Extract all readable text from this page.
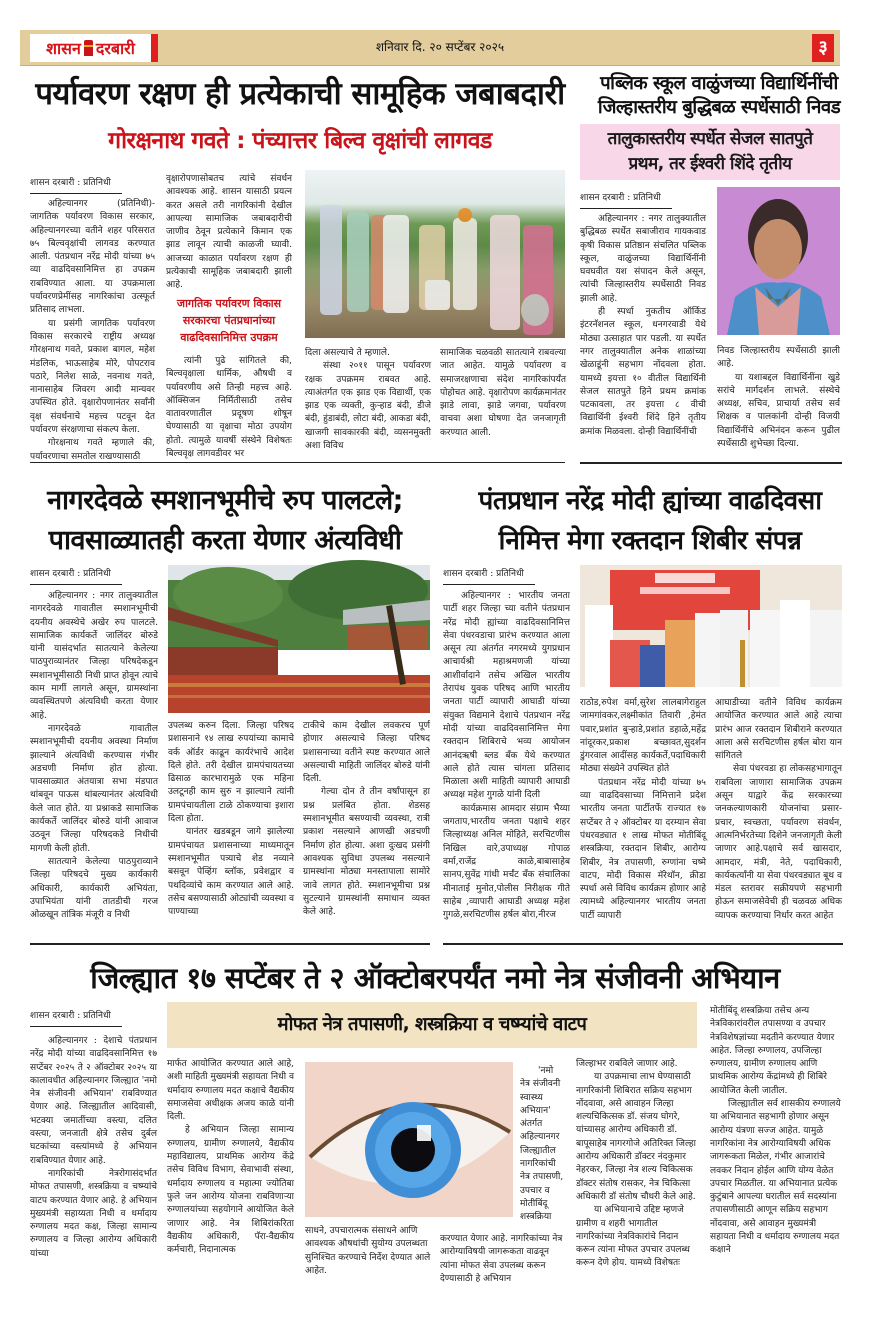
शासन दरबारी	शनिवार दि. २० सप्टेंबर २०२५	३
पर्यावरण रक्षण ही प्रत्येकाची सामूहिक जबाबदारी
गोरक्षनाथ गवते : पंच्यात्तर बिल्व वृक्षांची लागवड
शासन दरबारी : प्रतिनिधी

अहिल्यानगर (प्रतिनिधी)- जागतिक पर्यावरण विकास सरकार, अहिल्यानगरच्या वतीने शहर परिसरात ७५ बिल्ववृक्षांची लागवड करण्यात आली. पंतप्रधान नरेंद्र मोदी यांच्या ७५ व्या वाढदिवसानिमित्त हा उपक्रम राबविण्यात आला. या उपक्रमाला पर्यावरणप्रेमींसह नागरिकांचा उत्स्फूर्त प्रतिसाद लाभला.

या प्रसंगी जागतिक पर्यावरण विकास सरकारचे राष्ट्रीय अध्यक्ष गोरक्षनाथ गवते, प्रकाश बागल, महेश मंडलिक, भाऊसाहेब मोरे, पोपटराव पठारे, निलेश साळे, नवनाथ गवते, नानासाहेब जिवरग आदी मान्यवर उपस्थित होते. वृक्षारोपणानंतर सर्वांनी वृक्ष संवर्धनाचे महत्त्व पटवून देत पर्यावरण संरक्षणाचा संकल्प केला.

गोरक्षनाथ गवते म्हणाले की, पर्यावरणाचा समतोल राखण्यासाठी

वृक्षारोपणासोबतच त्यांचे संवर्धन आवश्यक आहे. शासन यासाठी प्रयत्न करत असले तरी नागरिकांनी देखील आपल्या सामाजिक जबाबदारीची जाणीव ठेवून प्रत्येकाने किमान एक झाड लावून त्याची काळजी घ्यावी. आजच्या काळात पर्यावरण रक्षण ही प्रत्येकाची सामूहिक जबाबदारी झाली आहे.

जागतिक पर्यावरण विकास सरकारचा पंतप्रधानांच्या वाढदिवसानिमित्त उपक्रम

त्यांनी पुढे सांगितले की, बिल्ववृक्षाला धार्मिक, औषधी व पर्यावरणीय असे तिन्ही महत्त्व आहे. ऑक्सिजन निर्मितीसाठी तसेच वातावरणातील प्रदूषण शोषून घेण्यासाठी या वृक्षाचा मोठा उपयोग होतो. त्यामुळे यावर्षी संस्थेने विशेषतः बिल्ववृक्ष लागवडीवर भर

दिला असल्याचे ते म्हणाले.

संस्था २०११ पासून पर्यावरण रक्षक उपक्रमम राबवत आहे. त्याअंतर्गत एक झाड एक विद्यार्थी, एक झाड एक व्यक्ती, कुऱ्हाड बंदी, डीजे बंदी, हुंडाबंदी, लोटा बंदी, आकडा बंदी, खाजगी सावकारकी बंदी, व्यसनमुक्ती अशा विविध

सामाजिक चळवळी सातत्याने राबवल्या जात आहेत. यामुळे पर्यावरण व समाजरक्षणाचा संदेश नागरिकांपर्यंत पोहोचत आहे. वृक्षारोपण कार्यक्रमानंतर झाडे लावा, झाडे जगवा, पर्यावरण वाचवा अशा घोषणा देत जनजागृती करण्यात आली.

पब्लिक स्कूल वाळुंजच्या विद्यार्थिनींची
जिल्हास्तरीय बुद्धिबळ स्पर्धेसाठी निवड
तालुकास्तरीय स्पर्धेत सेजल सातपुते
प्रथम, तर ईश्वरी शिंदे तृतीय
शासन दरबारी : प्रतिनिधी

अहिल्यानगर : नगर तालुक्यातील बुद्धिबळ स्पर्धेत सबाजीराव गायकवाड कृषी विकास प्रतिष्ठान संचलित पब्लिक स्कूल, वाळुंजच्या विद्यार्थिनींनी घवघवीत यश संपादन केले असून, त्यांची जिल्हास्तरीय स्पर्धेसाठी निवड झाली आहे.

ही स्पर्धा नुकतीच ऑर्किड इंटरनॅशनल स्कूल, धनगरवाडी येथे मोठ्या उत्साहात पार पडली. या स्पर्धेत नगर तालुक्यातील अनेक शाळांच्या खेळाडूंनी सहभाग नोंदवला होता. यामध्ये इयत्ता १० वीतील विद्यार्थिनी सेजल सातपुते हिने प्रथम क्रमांक पटकावला, तर इयत्ता ८ वीची विद्यार्थिनी ईश्वरी शिंदे हिने तृतीय क्रमांक मिळवला. दोन्ही विद्यार्थिनींची

निवड जिल्हास्तरीय स्पर्धेसाठी झाली आहे.

या यशाबद्दल विद्यार्थिनींना खुडे सरांचे मार्गदर्शन लाभले. संस्थेचे अध्यक्ष, सचिव, प्राचार्या तसेच सर्व शिक्षक व पालकांनी दोन्ही विजयी विद्यार्थिनींचे अभिनंदन करून पुढील स्पर्धेसाठी शुभेच्छा दिल्या.

नागरदेवळे स्मशानभूमीचे रुप पालटले;
पावसाळ्यातही करता येणार अंत्यविधी
शासन दरबारी : प्रतिनिधी

अहिल्यानगर : नगर तालुक्यातील नागरदेवळे गावातील स्मशानभूमीची दयनीय अवस्थेचे अखेर रुप पालटले. सामाजिक कार्यकर्ते जालिंदर बोरुडे यांनी यासंदर्भात सातत्याने केलेल्या पाठपुराव्यानंतर जिल्हा परिषदेकडून स्मशानभूमीसाठी निधी प्राप्त होवून त्याचे काम मार्गी लागले असून, ग्रामस्थांना व्यवस्थितपणे अंत्यविधी करता येणार आहे.

नागरदेवळे गावातील स्मशानभूमीची दयनीय अवस्था निर्माण झाल्याने अंत्यविधी करण्यास गंभीर अडचणी निर्माण होत होत्या. पावसाळ्यात अंतयात्रा सभा मंडपात थांबवून पाऊस थांबल्यानंतर अंत्यविधी केले जात होते. या प्रश्नाकडे सामाजिक कार्यकर्ते जालिंदर बोरुडे यांनी आवाज उठवून जिल्हा परिषदकडे निधीची मागणी केली होती.

सातत्याने केलेल्या पाठपुराव्याने जिल्हा परिषदचे मुख्य कार्यकारी अधिकारी, कार्यकारी अभियंता, उपाभियंता यांनी तातडीची गरज ओळखून तांत्रिक मंजूरी व निधी

उपलब्ध करुन दिला. जिल्हा परिषद प्रशासनाने १४ लाख रुपयांच्या कामाचे वर्क ऑर्डर काढून कार्यरंभाचे आदेश दिले होते. तरी देखील ग्रामपंचायतच्या ढिसाळ कारभारामुळे एक महिना उलटूनही काम सुरु न झाल्याने त्यांनी ग्रामपंचायतीला टाळे ठोकण्याचा इशारा दिला होता.

यानंतर खडबडून जागे झालेल्या ग्रामपंचायत प्रशासनाच्या माध्यमातून स्मशानभूमीत पत्र्याचे शेड नव्याने बसवून पेव्हिंग ब्लॉक, प्रवेशद्वार व पथदिव्यांचे काम करण्यात आले आहे. तसेच बसण्यासाठी ओट्यांची व्यवस्था व पाण्याच्या

टाकीचे काम देखील लवकरच पूर्ण होणार असल्याचे जिल्हा परिषद प्रशासनाच्या वतीने स्पष्ट करण्यात आले असल्याची माहिती जालिंदर बोरुडे यांनी दिली.

गेल्या दोन ते तीन वर्षांपासून हा प्रश्न प्रलंबित होता. शेडसह स्मशानभूमीत बसण्याची व्यवस्था, रात्री प्रकाश नसल्याने आणखी अडचणी निर्माण होत होत्या. अशा दुःखद प्रसंगी आवश्यक सुविधा उपलब्ध नसल्याने ग्रामस्थांना मोठ्या मनस्तापाला सामोरे जावे लागत होते. स्मशानभूमीचा प्रश्न सुटल्याने ग्रामस्थांनी समाधान व्यक्त केले आहे.

पंतप्रधान नरेंद्र मोदी ह्यांच्या वाढदिवसा
निमित्त मेगा रक्तदान शिबीर संपन्न
शासन दरबारी : प्रतिनिधी

अहिल्यानगर : भारतीय जनता पार्टी शहर जिल्हा च्या वतीने पंतप्रधान नरेंद्र मोदी ह्यांच्या वाढदिवसानिमित्त सेवा पंधरवडाचा प्रारंभ करण्यात आला असून त्या अंतर्गत नगरमध्ये युगप्रधान आचार्यश्री महाश्रमणजी यांच्या आशीर्वादाने तसेच अखिल भारतीय तेरापंथ युवक परिषद आणि भारतीय जनता पार्टी व्यापारी आघाडी यांच्या संयुक्त विद्यमाने देशाचे पंतप्रधान नरेंद्र मोदी यांच्या वाढदिवसानिमित्त मेगा रक्तदान शिबिराचे भव्य आयोजन आनंदऋषी ब्लड बँक येथे करण्यात आले होते त्यास चांगला प्रतिसाद मिळाला अशी माहिती व्यापारी आघाडी अध्यक्ष महेश गुगळे यांनी दिली

कार्यक्रमास आमदार संग्राम भैय्या जगताप,भारतीय जनता पक्षाचे शहर जिल्हाध्यक्ष अनिल मोहिते, सरचिटणीस निखिल वारे,उपाध्यक्ष गोपाळ वर्मा,राजेंद्र काळे,बाबासाहेब सानप,सुवेंद्र गांधी मर्चंट बँक संचालिका मीनाताई मुनोत,पोलीस निरीक्षक गीते साहेब ,व्यापारी आघाडी अध्यक्ष महेश गुगळे,सरचिटणीस हर्षल बोरा,नीरज

राठोड,रुपेश वर्मा,सुरेश लालबागेराहुल जामगांवकर,लक्ष्मीकांत तिवारी ,हेमंत पवार,प्रशांत बुऱ्हाडे,प्रशांत डहाळे,महेंद्र नांदूरकर,प्रकाश बच्छावत,सुदर्शन डुंगरवाल आदींसह कार्यकर्ते,पदाधिकारी मोठ्या संख्येने उपस्थित होते

पंतप्रधान नरेंद्र मोदी यांच्या ७५ व्या वाढदिवसाच्या निमित्ताने प्रदेश भारतीय जनता पार्टीतर्फे राज्यात १७ सप्टेंबर ते २ ऑक्टोबर या दरम्यान सेवा पंधरवड्यात १ लाख मोफत मोतीबिंदू शस्त्रक्रिया, रक्तदान शिबीर, आरोग्य शिबीर, नेत्र तपासणी, रुग्णांना चष्मे वाटप, मोदी विकास मॅरेथॉन, क्रीडा स्पर्धा असे विविध कार्यक्रम होणार आहे त्यामध्ये अहिल्यानगर भारतीय जनता पार्टी व्यापारी

आघाडीच्या वतीने विविध कार्यक्रम आयोजित करण्यात आले आहे त्याचा प्रारंभ आज रक्तदान शिबीराने करण्यात आला असे सरचिटणीस हर्षल बोरा यान सांगितले

सेवा पंधरवडा हा लोकसहभागातून राबविला जाणारा सामाजिक उपक्रम असून याद्वारे केंद्र सरकारच्या जनकल्याणकारी योजनांचा प्रसार-प्रचार, स्वच्छता, पर्यावरण संवर्धन, आत्मनिर्भरतेच्या दिशेने जनजागृती केली जाणार आहे.पक्षाचे सर्व खासदार, आमदार, मंत्री, नेते, पदाधिकारी, कार्यकर्त्यांनी या सेवा पंधरवड्यात बूथ व मंडल स्तरावर सक्रीयपणे सहभागी होऊन समाजसेवेची ही चळवळ अधिक व्यापक करण्याचा निर्धार करत आहेत

जिल्ह्यात १७ सप्टेंबर ते २ ऑक्टोबरपर्यंत नमो नेत्र संजीवनी अभियान
शासन दरबारी : प्रतिनिधी	मोफत नेत्र तपासणी, शस्त्रक्रिया व चष्म्यांचे वाटप

अहिल्यानगर : देशाचे पंतप्रधान नरेंद्र मोदी यांच्या वाढदिवसानिमित्त १७ सप्टेंबर २०२५ ते २ ऑक्टोबर २०२५ या कालावधीत अहिल्यानगर जिल्ह्यात 'नमो नेत्र संजीवनी अभियान' राबविण्यात येणार आहे. जिल्ह्यातील आदिवासी, भटक्या जमातींच्या वस्त्या, दलित वस्त्या, जनजाती क्षेत्रे तसेच दुर्बल घटकांच्या वस्त्यांमध्ये हे अभियान राबविण्यात येणार आहे.

नागरिकांची नेत्ररोगासंदर्भात मोफत तपासणी, शस्त्रक्रिया व चष्म्यांचे वाटप करण्यात येणार आहे. हे अभियान मुख्यमंत्री सहाय्यता निधी व धर्मादाय रुग्णालय मदत कक्ष, जिल्हा सामान्य रुग्णालय व जिल्हा आरोग्य अधिकारी यांच्या

मार्फत आयोजित करण्यात आले आहे, अशी माहिती मुख्यमंत्री सहायता निधी व धर्मादाय रुग्णालय मदत कक्षाचे वैद्यकीय समाजसेवा अधीक्षक अजय काळे यांनी दिली.

हे अभियान जिल्हा सामान्य रुग्णालय, ग्रामीण रुग्णालये, वैद्यकीय महाविद्यालय, प्राथमिक आरोग्य केंद्रे तसेच विविध विभाग, सेवाभावी संस्था, धर्मादाय रुग्णालय व महात्मा ज्योतिबा फुले जन आरोग्य योजना राबविणाऱ्या रुग्णालयांच्या सहयोगाने आयोजित केले जाणार आहे. नेत्र शिबिरांकरिता वैद्यकीय अधिकारी, पॅरा-वैद्यकीय कर्मचारी, निदानात्मक

'नमो नेत्र संजीवनी स्वास्थ्य अभियान' अंतर्गत अहिल्यानगर जिल्ह्यातील नागरिकांची नेत्र तपासणी, उपचार व मोतीबिंदू शस्त्रक्रिया

साधने, उपचारात्मक संसाधने आणि आवश्यक औषधांची सुयोग्य उपलब्धता सुनिश्चित करण्याचे निर्देश देण्यात आले आहेत.

करण्यात येणार आहे. नागरिकांच्या नेत्र आरोग्याविषयी जागरूकता वाढवून त्यांना मोफत सेवा उपलब्ध करून देण्यासाठी हे अभियान

जिल्हाभर राबविले जाणार आहे.

या उपक्रमाचा लाभ घेण्यासाठी नागरिकांनी शिबिरात सक्रिय सहभाग नोंदवावा, असे आवाहन जिल्हा शल्यचिकित्सक डॉ. संजय घोगरे, यांच्यासह आरोग्य अधिकारी डॉ. बापूसाहेब नागरगोजे अतिरिक्त जिल्हा आरोग्य अधिकारी डॉक्टर नंदकुमार नेहरकर, जिल्हा नेत्र शल्य चिकित्सक डॉक्टर संतोष रासकर, नेत्र चिकित्सा अधिकारी डॉ संतोष चौधरी केले आहे.

या अभियानाचे उद्दिष्ट म्हणजे ग्रामीण व शहरी भागातील नागरिकांच्या नेत्रविकारांचे निदान करून त्यांना मोफत उपचार उपलब्ध करून देणे होय. यामध्ये विशेषतः

मोतीबिंदू शस्त्रक्रिया तसेच अन्य नेत्रविकारांवरील तपासण्या व उपचार नेत्रविशेषज्ञांच्या मदतीने करण्यात येणार आहेत. जिल्हा रुग्णालय, उपजिल्हा रुग्णालय, ग्रामीण रुग्णालय आणि प्राथमिक आरोग्य केंद्रांमध्ये ही शिबिरे आयोजित केली जातील.

जिल्ह्यातील सर्व शासकीय रुग्णालये या अभियानात सहभागी होणार असून आरोग्य यंत्रणा सज्ज आहेत. यामुळे नागरिकांना नेत्र आरोग्याविषयी अधिक जागरूकता मिळेल, गंभीर आजारांचे लवकर निदान होईल आणि योग्य वेळेत उपचार मिळतील. या अभियानात प्रत्येक कुटुंबाने आपल्या घरातील सर्व सदस्यांना तपासणीसाठी आणून सक्रिय सहभाग नोंदवावा, असे आवाहन मुख्यमंत्री सहायता निधी व धर्मादाय रुग्णालय मदत कक्षाने
